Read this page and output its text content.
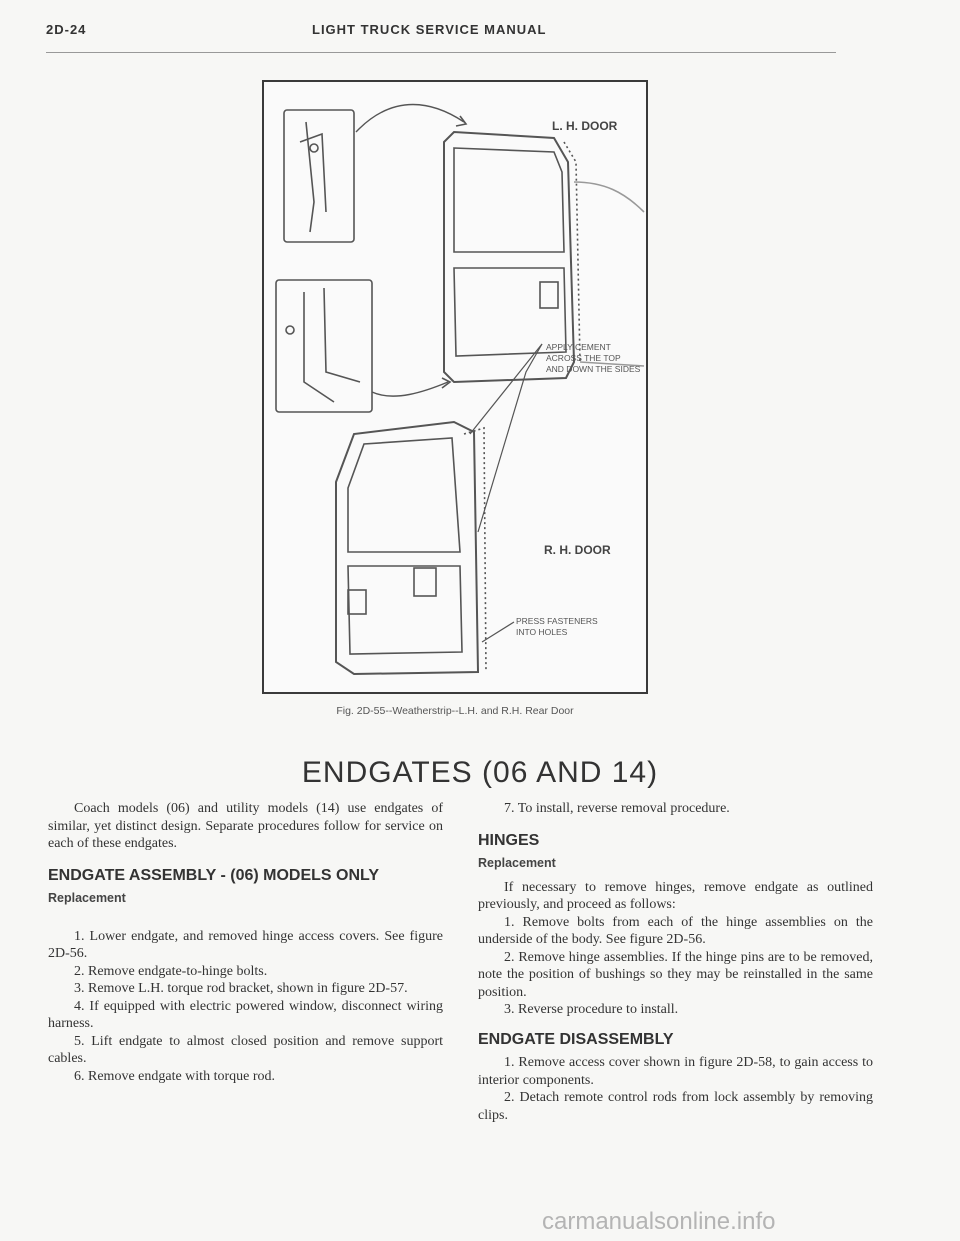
2D-24	LIGHT TRUCK SERVICE MANUAL
L. H. DOOR
APPLY CEMENT
ACROSS THE TOP
AND DOWN THE SIDES
R. H. DOOR
PRESS FASTENERS
INTO HOLES
Fig. 2D-55--Weatherstrip--L.H. and R.H. Rear Door
ENDGATES (06 AND 14)

Coach models (06) and utility models (14) use endgates of similar, yet distinct design. Separate procedures follow for service on each of these endgates.

ENDGATE ASSEMBLY - (06) MODELS ONLY

Replacement

1. Lower endgate, and removed hinge access covers. See figure 2D-56.

2. Remove endgate-to-hinge bolts.

3. Remove L.H. torque rod bracket, shown in figure 2D-57.

4. If equipped with electric powered window, disconnect wiring harness.

5. Lift endgate to almost closed position and remove support cables.

6. Remove endgate with torque rod.

7. To install, reverse removal procedure.

HINGES

Replacement

If necessary to remove hinges, remove endgate as outlined previously, and proceed as follows:

1. Remove bolts from each of the hinge assemblies on the underside of the body. See figure 2D-56.

2. Remove hinge assemblies. If the hinge pins are to be removed, note the position of bushings so they may be reinstalled in the same position.

3. Reverse procedure to install.

ENDGATE DISASSEMBLY

1. Remove access cover shown in figure 2D-58, to gain access to interior components.

2. Detach remote control rods from lock assembly by removing clips.

carmanualsonline.info
